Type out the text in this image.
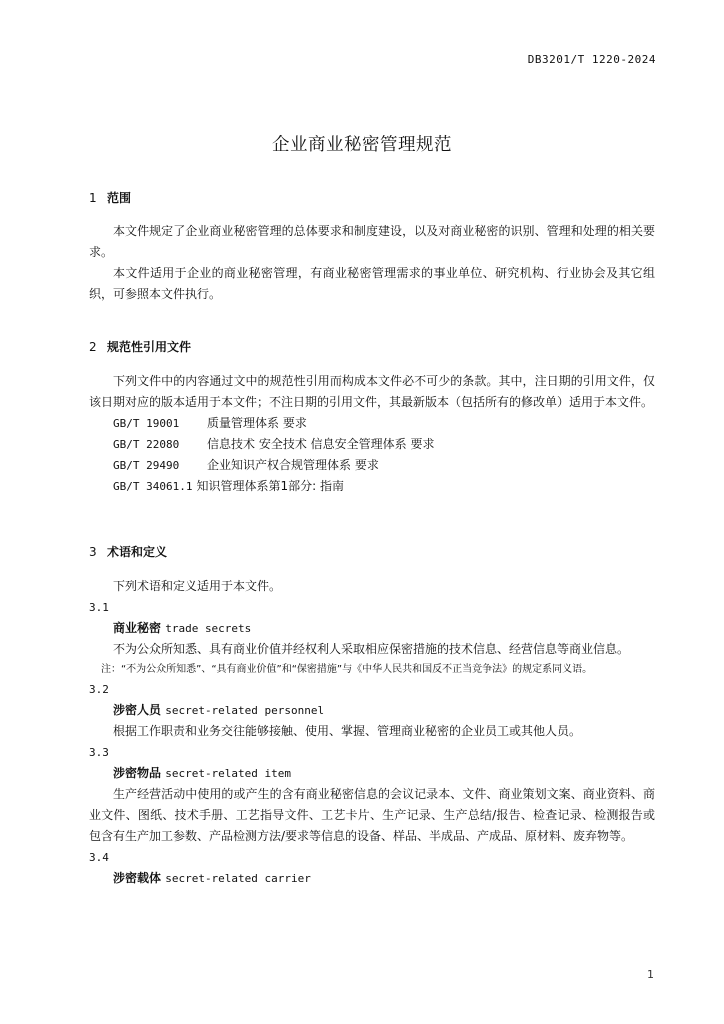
DB3201/T 1220-2024
企业商业秘密管理规范
1 范围

本文件规定了企业商业秘密管理的总体要求和制度建设，以及对商业秘密的识别、管理和处理的相关要求。

本文件适用于企业的商业秘密管理，有商业秘密管理需求的事业单位、研究机构、行业协会及其它组织，可参照本文件执行。

2 规范性引用文件

下列文件中的内容通过文中的规范性引用而构成本文件必不可少的条款。其中，注日期的引用文件，仅该日期对应的版本适用于本文件；不注日期的引用文件，其最新版本（包括所有的修改单）适用于本文件。

GB/T 19001 质量管理体系 要求
GB/T 22080 信息技术 安全技术 信息安全管理体系 要求
GB/T 29490 企业知识产权合规管理体系 要求
GB/T 34061.1 知识管理体系第1部分: 指南
3 术语和定义

下列术语和定义适用于本文件。

3.1

商业秘密 trade secrets

不为公众所知悉、具有商业价值并经权利人采取相应保密措施的技术信息、经营信息等商业信息。

注：“不为公众所知悉”、“具有商业价值”和“保密措施”与《中华人民共和国反不正当竞争法》的规定系同义语。

3.2

涉密人员 secret-related personnel

根据工作职责和业务交往能够接触、使用、掌握、管理商业秘密的企业员工或其他人员。

3.3

涉密物品 secret-related item

生产经营活动中使用的或产生的含有商业秘密信息的会议记录本、文件、商业策划文案、商业资料、商业文件、图纸、技术手册、工艺指导文件、工艺卡片、生产记录、生产总结/报告、检查记录、检测报告或包含有生产加工参数、产品检测方法/要求等信息的设备、样品、半成品、产成品、原材料、废弃物等。

3.4

涉密载体 secret-related carrier

1
